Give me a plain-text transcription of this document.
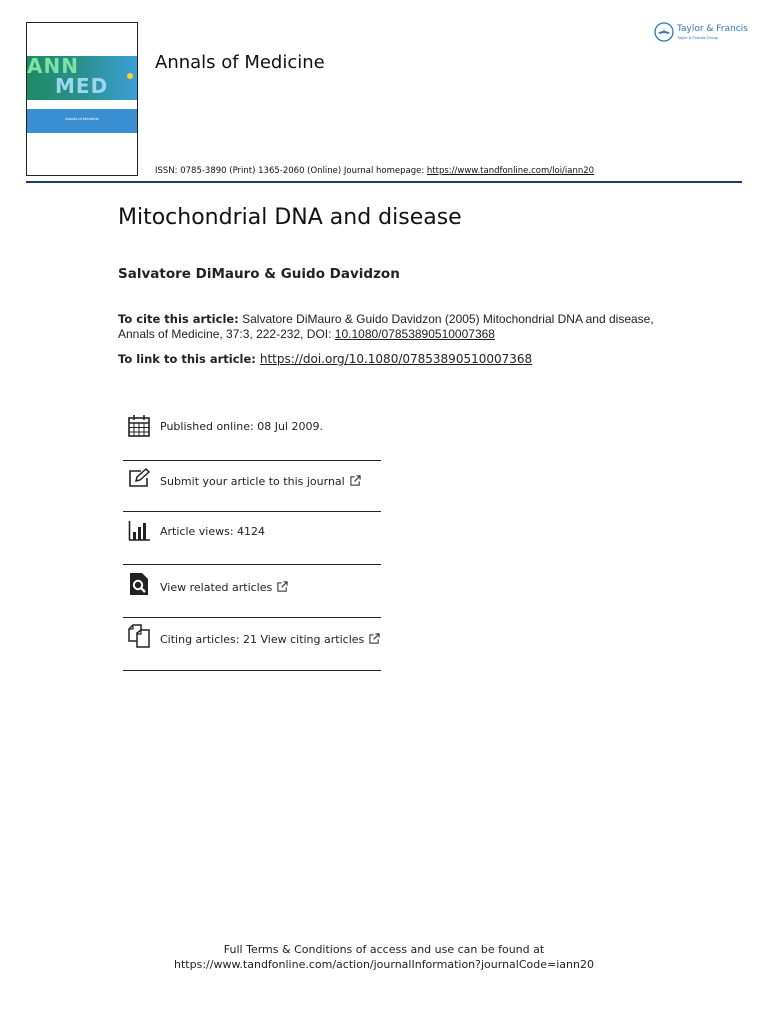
ANN
MED
Annals of Medicine
Annals of Medicine
ISSN: 0785-3890 (Print) 1365-2060 (Online) Journal homepage: https://www.tandfonline.com/loi/iann20
Taylor & Francis
Taylor & Francis Group
Mitochondrial DNA and disease
Salvatore DiMauro & Guido Davidzon
To cite this article: Salvatore DiMauro & Guido Davidzon (2005) Mitochondrial DNA and disease, Annals of Medicine, 37:3, 222-232, DOI: 10.1080/07853890510007368
To link to this article: https://doi.org/10.1080/07853890510007368
Published online: 08 Jul 2009.
Submit your article to this journal
Article views: 4124
View related articles
Citing articles: 21 View citing articles
Full Terms & Conditions of access and use can be found at
https://www.tandfonline.com/action/journalInformation?journalCode=iann20
